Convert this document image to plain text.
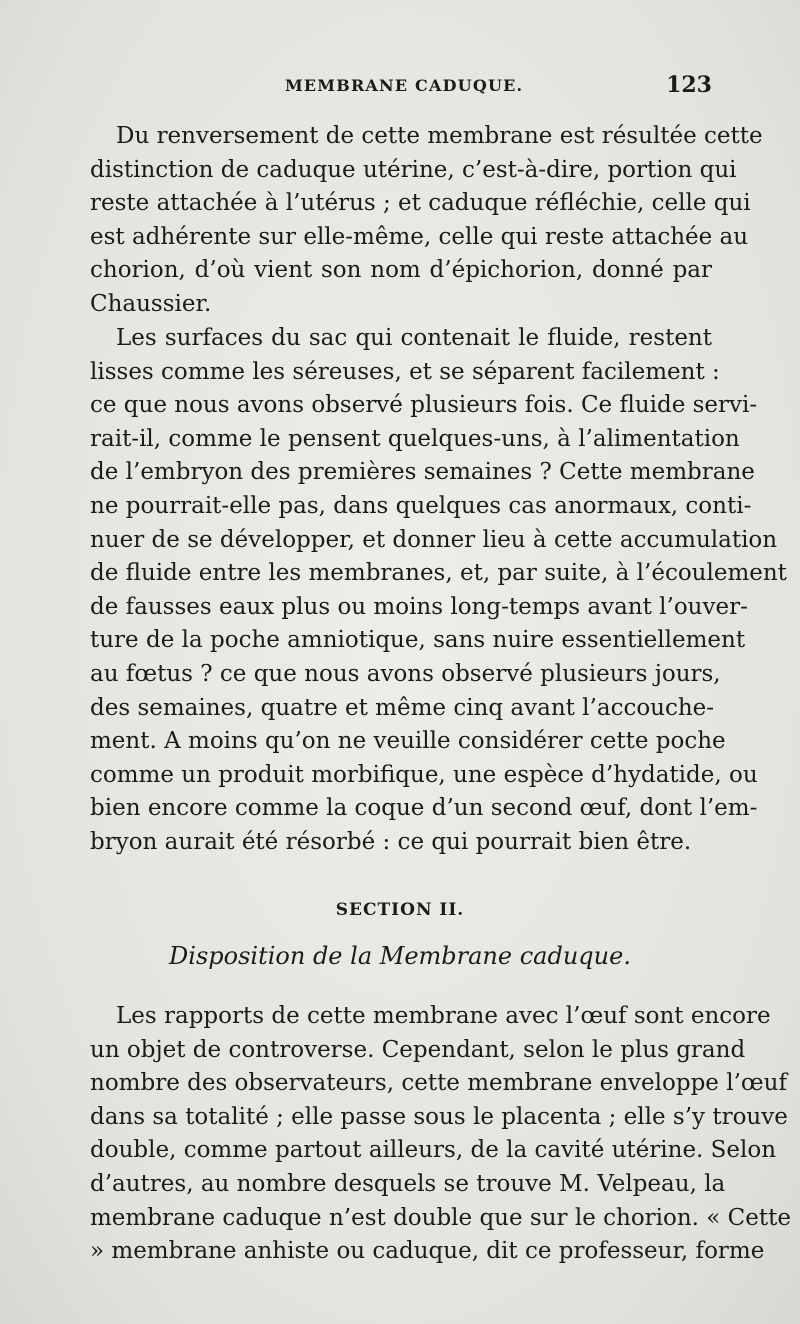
MEMBRANE CADUQUE.	123
Du renversement de cette membrane est résultée cette
distinction de caduque utérine, c’est-à-dire, portion qui
reste attachée à l’utérus ; et caduque réfléchie, celle qui
est adhérente sur elle-même, celle qui reste attachée au
chorion, d’où vient son nom d’épichorion, donné par
Chaussier.
Les surfaces du sac qui contenait le fluide, restent
lisses comme les séreuses, et se séparent facilement :
ce que nous avons observé plusieurs fois. Ce fluide servi-
rait-il, comme le pensent quelques-uns, à l’alimentation
de l’embryon des premières semaines ? Cette membrane
ne pourrait-elle pas, dans quelques cas anormaux, conti-
nuer de se développer, et donner lieu à cette accumulation
de fluide entre les membranes, et, par suite, à l’écoulement
de fausses eaux plus ou moins long-temps avant l’ouver-
ture de la poche amniotique, sans nuire essentiellement
au fœtus ? ce que nous avons observé plusieurs jours,
des semaines, quatre et même cinq avant l’accouche-
ment. A moins qu’on ne veuille considérer cette poche
comme un produit morbifique, une espèce d’hydatide, ou
bien encore comme la coque d’un second œuf, dont l’em-
bryon aurait été résorbé : ce qui pourrait bien être.
SECTION II.
Disposition de la Membrane caduque.
Les rapports de cette membrane avec l’œuf sont encore
un objet de controverse. Cependant, selon le plus grand
nombre des observateurs, cette membrane enveloppe l’œuf
dans sa totalité ; elle passe sous le placenta ; elle s’y trouve
double, comme partout ailleurs, de la cavité utérine. Selon
d’autres, au nombre desquels se trouve M. Velpeau, la
membrane caduque n’est double que sur le chorion. « Cette
» membrane anhiste ou caduque, dit ce professeur, forme
